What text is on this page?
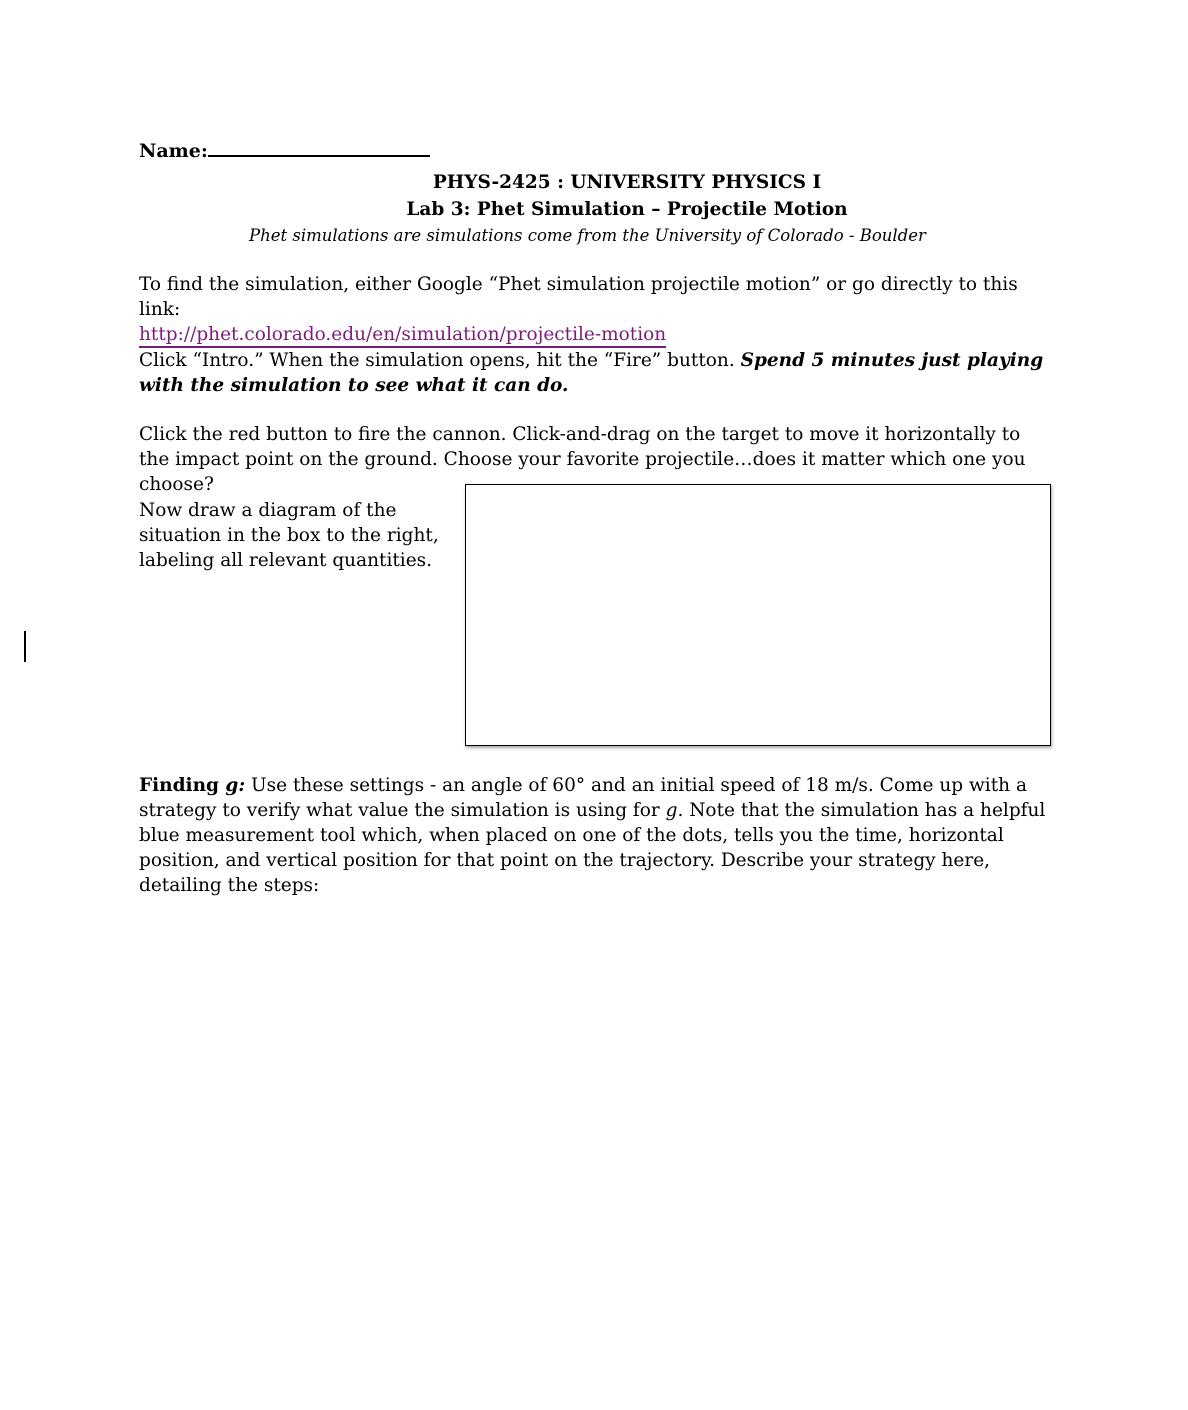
Name:
PHYS-2425 : UNIVERSITY PHYSICS I
Lab 3: Phet Simulation – Projectile Motion
Phet simulations are simulations come from the University of Colorado - Boulder
To find the simulation, either Google “Phet simulation projectile motion” or go directly to this link:
http://phet.colorado.edu/en/simulation/projectile-motion
Click “Intro.” When the simulation opens, hit the “Fire” button. Spend 5 minutes just playing with the simulation to see what it can do.
Click the red button to fire the cannon. Click-and-drag on the target to move it horizontally to the impact point on the ground. Choose your favorite projectile…does it matter which one you choose?
Now draw a diagram of the situation in the box to the right, labeling all relevant quantities.
Finding g: Use these settings - an angle of 60° and an initial speed of 18 m/s. Come up with a strategy to verify what value the simulation is using for g. Note that the simulation has a helpful blue measurement tool which, when placed on one of the dots, tells you the time, horizontal position, and vertical position for that point on the trajectory. Describe your strategy here, detailing the steps:
